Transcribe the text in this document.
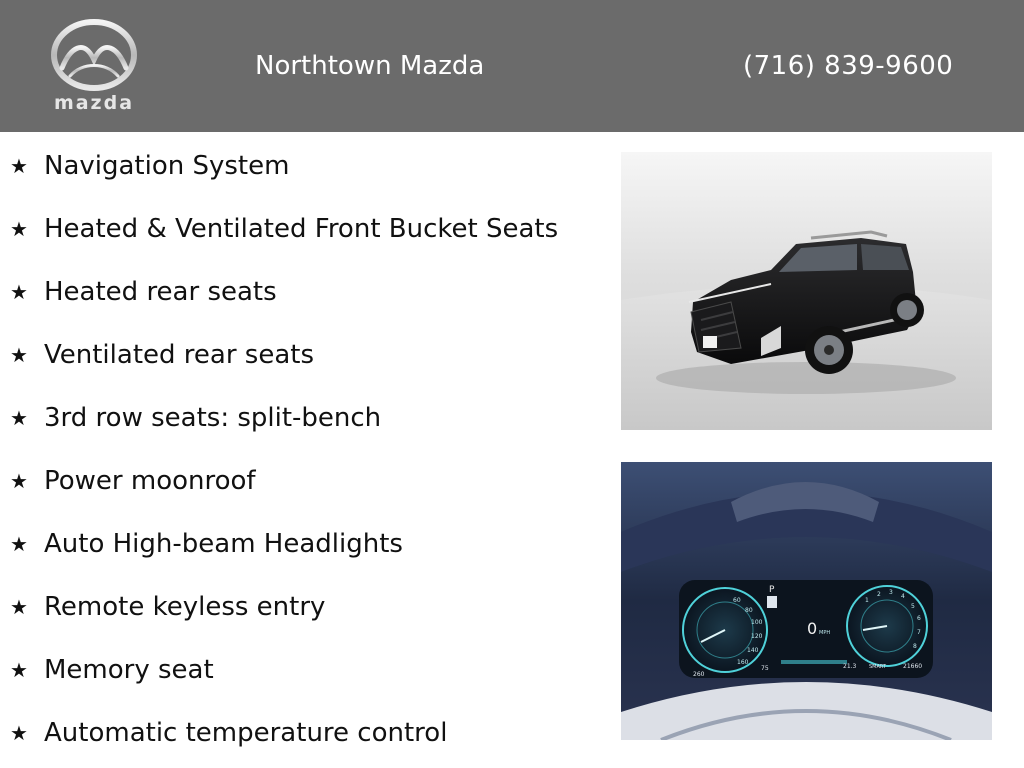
mazda
Northtown Mazda	(716) 839-9600
★ Navigation System
★ Heated & Ventilated Front Bucket Seats
★ Heated rear seats
★ Ventilated rear seats
★ 3rd row seats: split-bench
★ Power moonroof
★ Auto High-beam Headlights
★ Remote keyless entry
★ Memory seat
★ Automatic temperature control
60
80
100
120
140
160
1
2 3
4
5
6
7
8
P
0 MPH
260
75	21.3	SMART	21660
